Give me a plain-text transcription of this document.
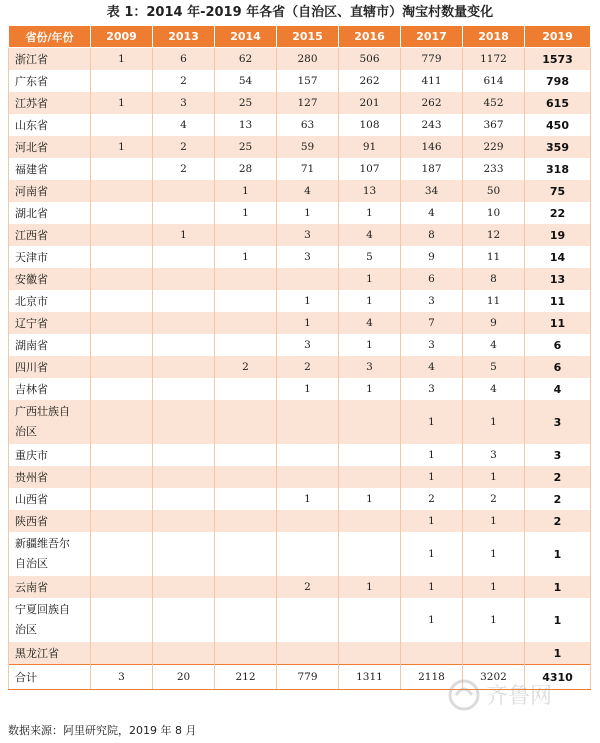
表 1：2014 年-2019 年各省（自治区、直辖市）淘宝村数量变化
省份/年份	2009	2013	2014	2015	2016	2017	2018	2019
浙江省	1	6	62	280	506	779	1172	1573
广东省		2	54	157	262	411	614	798
江苏省	1	3	25	127	201	262	452	615
山东省		4	13	63	108	243	367	450
河北省	1	2	25	59	91	146	229	359
福建省		2	28	71	107	187	233	318
河南省			1	4	13	34	50	75
湖北省			1	1	1	4	10	22
江西省		1		3	4	8	12	19
天津市			1	3	5	9	11	14
安徽省					1	6	8	13
北京市				1	1	3	11	11
辽宁省				1	4	7	9	11
湖南省				3	1	3	4	6
四川省			2	2	3	4	5	6
吉林省				1	1	3	4	4

广西壮族自
治区						1	1	3
重庆市						1	3	3
贵州省						1	1	2
山西省				1	1	2	2	2
陕西省						1	1	2

新疆维吾尔
自治区						1	1	1
云南省				2	1	1	1	1

宁夏回族自
治区						1	1	1
黑龙江省								1
合计	3	20	212	779	1311	2118	3202	4310
数据来源：阿里研究院，2019 年 8 月
齐鲁网
